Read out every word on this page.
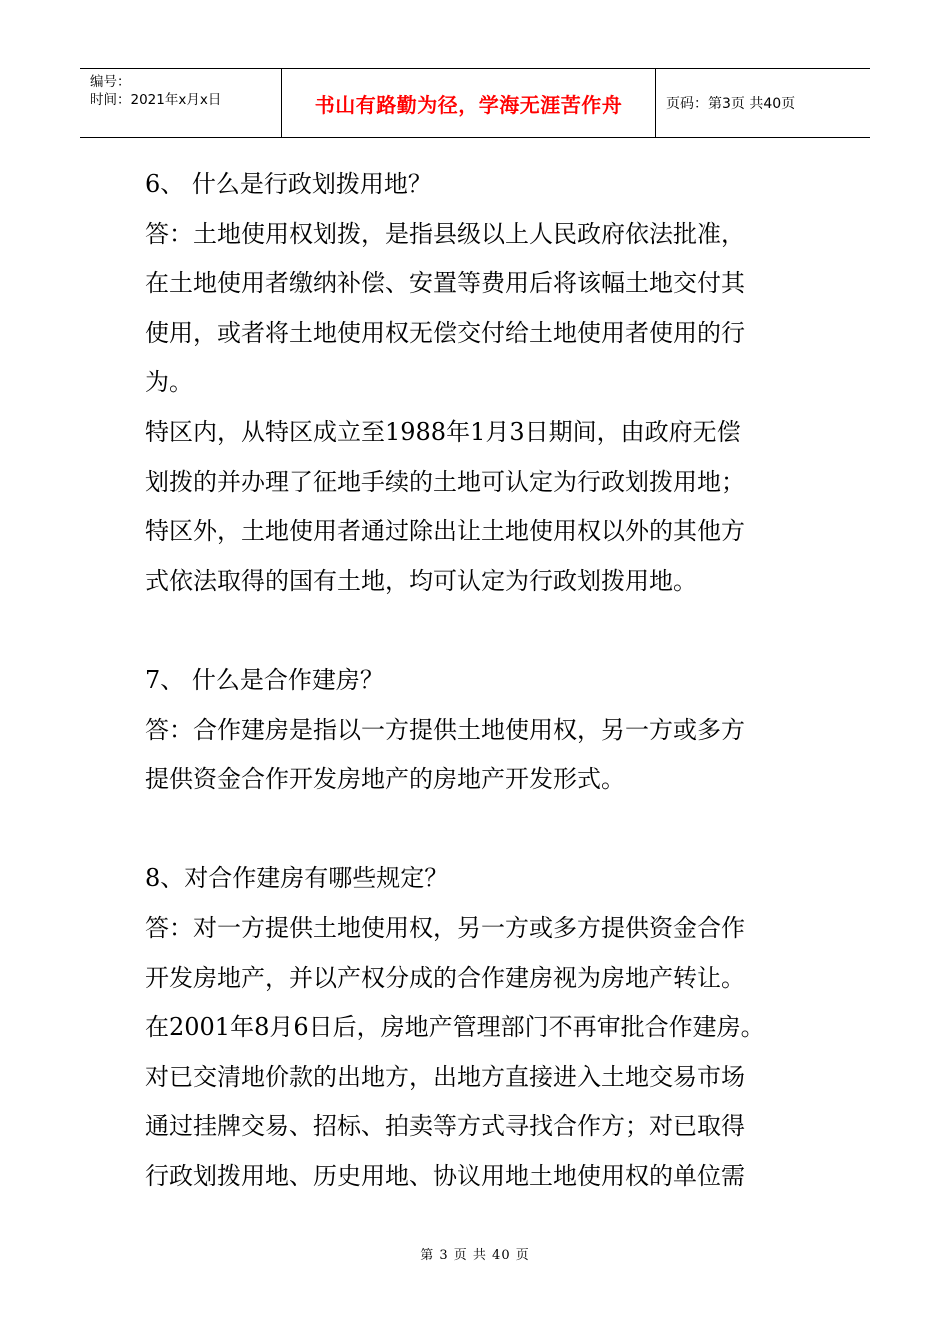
编号：
时间：2021年x月x日	书山有路勤为径，学海无涯苦作舟	页码：第3页 共40页
6、 什么是行政划拨用地？
答：土地使用权划拨，是指县级以上人民政府依法批准，
在土地使用者缴纳补偿、安置等费用后将该幅土地交付其
使用，或者将土地使用权无偿交付给土地使用者使用的行
为。
特区内，从特区成立至1988年1月3日期间，由政府无偿
划拨的并办理了征地手续的土地可认定为行政划拨用地；
特区外，土地使用者通过除出让土地使用权以外的其他方
式依法取得的国有土地，均可认定为行政划拨用地。
7、 什么是合作建房？
答：合作建房是指以一方提供土地使用权，另一方或多方
提供资金合作开发房地产的房地产开发形式。
8、对合作建房有哪些规定？
答：对一方提供土地使用权，另一方或多方提供资金合作
开发房地产，并以产权分成的合作建房视为房地产转让。
在2001年8月6日后，房地产管理部门不再审批合作建房。
对已交清地价款的出地方，出地方直接进入土地交易市场
通过挂牌交易、招标、拍卖等方式寻找合作方；对已取得
行政划拨用地、历史用地、协议用地土地使用权的单位需
第 3 页 共 40 页
